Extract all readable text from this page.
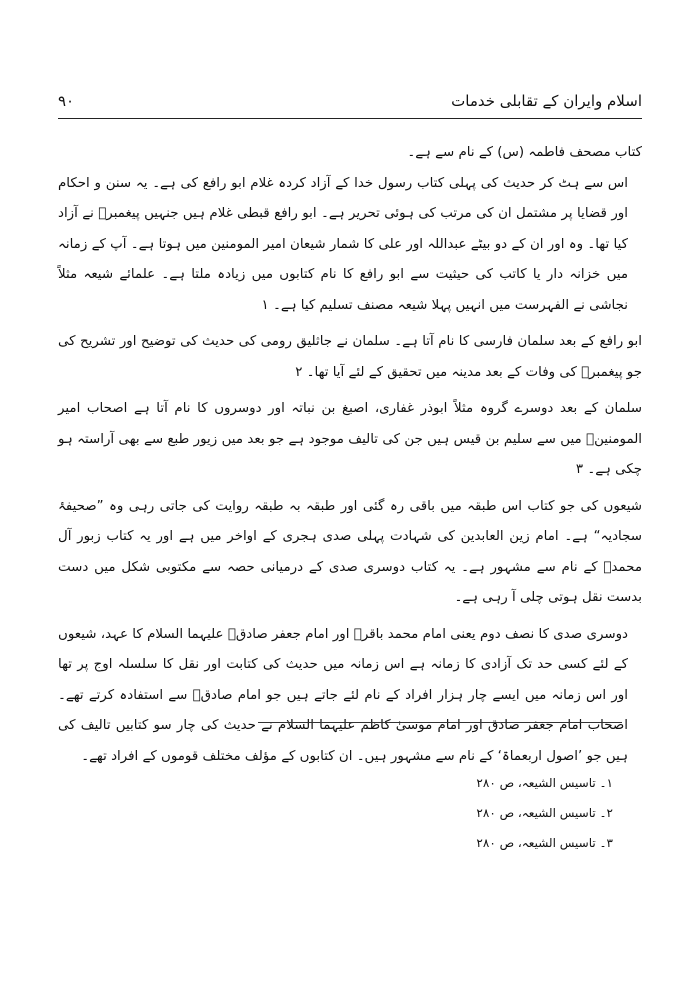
اسلام وایران کے تقابلی خدمات
۹۰

کتاب مصحف فاطمہ (س) کے نام سے ہے۔

اس سے ہٹ کر حدیث کی پہلی کتاب رسول خدا کے آزاد کردہ غلام ابو رافع کی ہے۔ یہ سنن و احکام اور قضایا پر مشتمل ان کی مرتب کی ہوئی تحریر ہے۔ ابو رافع قبطی غلام ہیں جنہیں پیغمبرؐ نے آزاد کیا تھا۔ وہ اور ان کے دو بیٹے عبداللہ اور علی کا شمار شیعان امیر المومنین میں ہوتا ہے۔ آپ کے زمانہ میں خزانہ دار یا کاتب کی حیثیت سے ابو رافع کا نام کتابوں میں زیادہ ملتا ہے۔ علمائے شیعہ مثلاً نجاشی نے الفہرست میں انہیں پہلا شیعہ مصنف تسلیم کیا ہے۔ ۱

ابو رافع کے بعد سلمان فارسی کا نام آتا ہے۔ سلمان نے جاثلیق رومی کی حدیث کی توضیح اور تشریح کی جو پیغمبرؐ کی وفات کے بعد مدینہ میں تحقیق کے لئے آیا تھا۔ ۲

سلمان کے بعد دوسرے گروہ مثلاً ابوذر غفاری، اصبغ بن نباتہ اور دوسروں کا نام آتا ہے اصحاب امیر المومنینؑ میں سے سلیم بن قیس ہیں جن کی تالیف موجود ہے جو بعد میں زیور طبع سے بھی آراستہ ہو چکی ہے۔ ۳

شیعوں کی جو کتاب اس طبقہ میں باقی رہ گئی اور طبقہ بہ طبقہ روایت کی جاتی رہی وہ ”صحیفۂ سجادیہ“ ہے۔ امام زین العابدین کی شہادت پہلی صدی ہجری کے اواخر میں ہے اور یہ کتاب زبور آل محمدؐ کے نام سے مشہور ہے۔ یہ کتاب دوسری صدی کے درمیانی حصہ سے مکتوبی شکل میں دست بدست نقل ہوتی چلی آ رہی ہے۔

دوسری صدی کا نصف دوم یعنی امام محمد باقرؑ اور امام جعفر صادقؑ علیہما السلام کا عہد، شیعوں کے لئے کسی حد تک آزادی کا زمانہ ہے اس زمانہ میں حدیث کی کتابت اور نقل کا سلسلہ اوج پر تھا اور اس زمانہ میں ایسے چار ہزار افراد کے نام لئے جاتے ہیں جو امام صادقؑ سے استفادہ کرتے تھے۔ اصحاب امام جعفر صادق اور امام موسیٰ کاظم علیہما السلام نے حدیث کی چار سو کتابیں تالیف کی ہیں جو ’اصول اربعماۃ‘ کے نام سے مشہور ہیں۔ ان کتابوں کے مؤلف مختلف قوموں کے افراد تھے۔

۱۔ تاسیس الشیعہ، ص ۲۸۰

۲۔ تاسیس الشیعہ، ص ۲۸۰

۳۔ تاسیس الشیعہ، ص ۲۸۰
